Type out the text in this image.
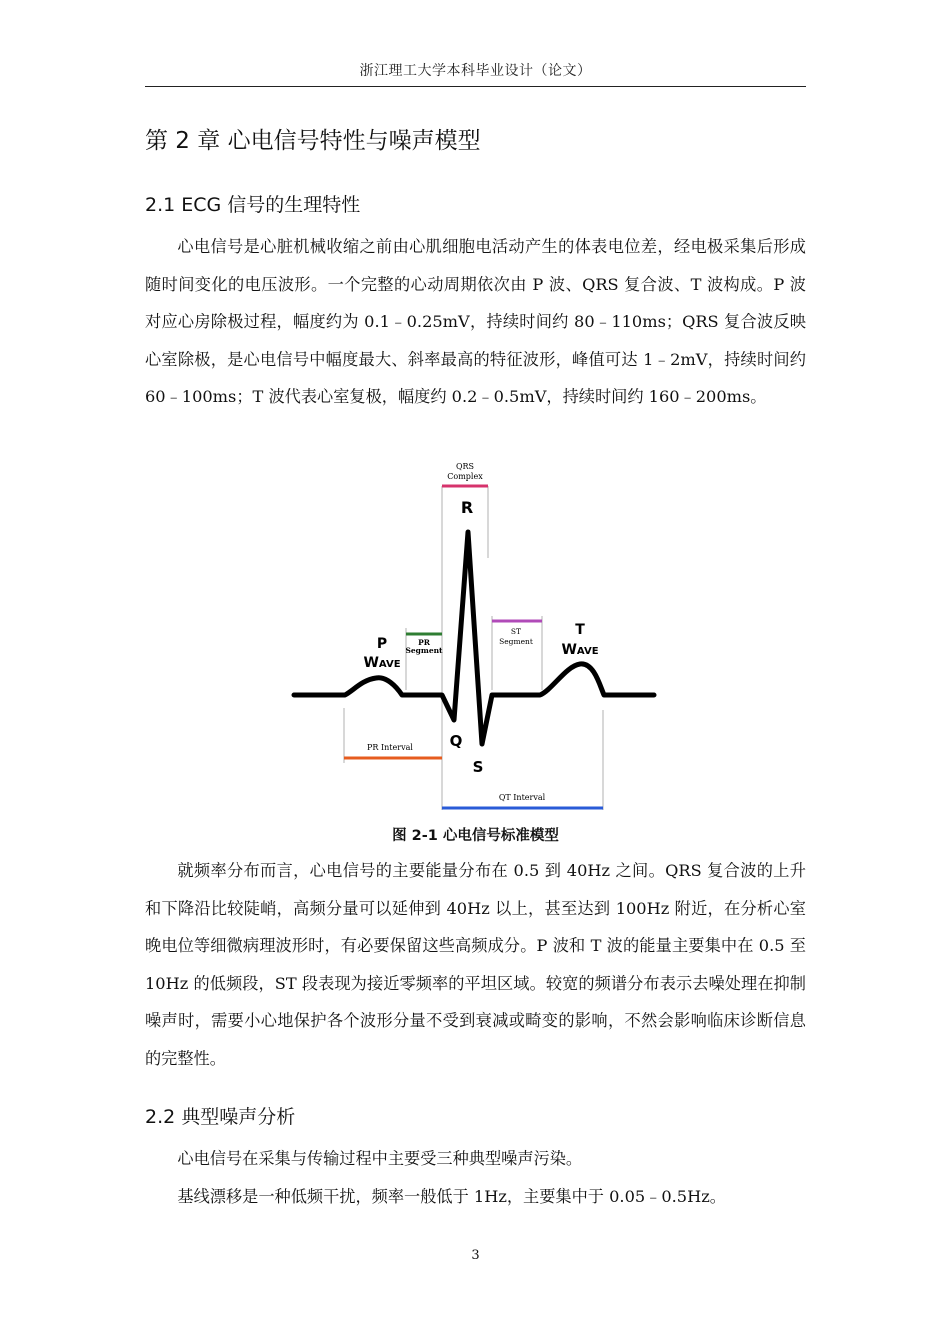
浙江理工大学本科毕业设计（论文）
第 2 章 心电信号特性与噪声模型
2.1 ECG 信号的生理特性

心电信号是心脏机械收缩之前由心肌细胞电活动产生的体表电位差，经电极采集后形成随时间变化的电压波形。一个完整的心动周期依次由 P 波、QRS 复合波、T 波构成。P 波对应心房除极过程，幅度约为 0.1﹣0.25mV，持续时间约 80﹣110ms；QRS 复合波反映心室除极，是心电信号中幅度最大、斜率最高的特征波形，峰值可达 1﹣2mV，持续时间约 60﹣100ms；T 波代表心室复极，幅度约 0.2﹣0.5mV，持续时间约 160﹣200ms。

QRS
Complex
R
P
WAVE
PR
Segment
ST
Segment
T
WAVE
Q
S
PR Interval
QT Interval
图 2-1 心电信号标准模型

就频率分布而言，心电信号的主要能量分布在 0.5 到 40Hz 之间。QRS 复合波的上升和下降沿比较陡峭，高频分量可以延伸到 40Hz 以上，甚至达到 100Hz 附近，在分析心室晚电位等细微病理波形时，有必要保留这些高频成分。P 波和 T 波的能量主要集中在 0.5 至 10Hz 的低频段，ST 段表现为接近零频率的平坦区域。较宽的频谱分布表示去噪处理在抑制噪声时，需要小心地保护各个波形分量不受到衰减或畸变的影响，不然会影响临床诊断信息的完整性。

2.2 典型噪声分析

心电信号在采集与传输过程中主要受三种典型噪声污染。

基线漂移是一种低频干扰，频率一般低于 1Hz，主要集中于 0.05﹣0.5Hz。

3
